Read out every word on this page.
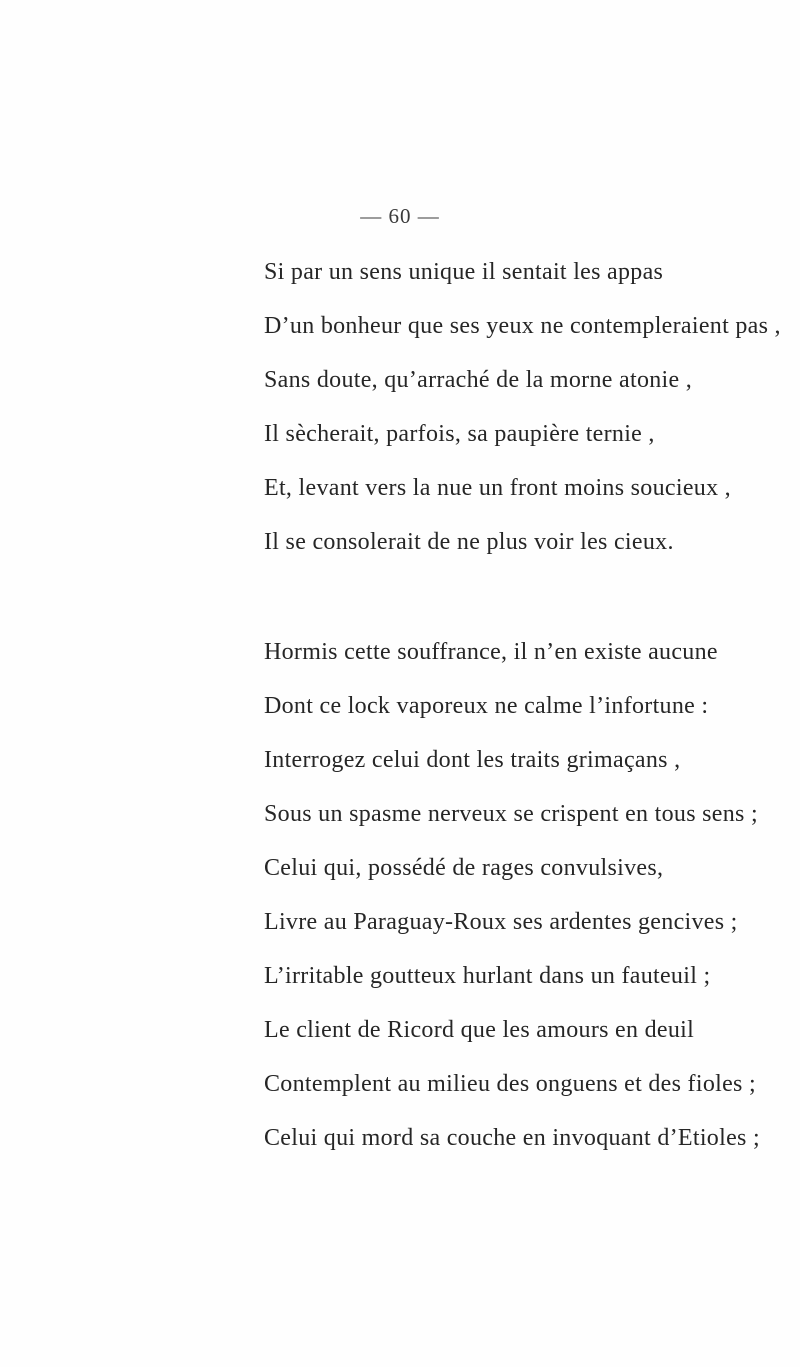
— 60 —
Si par un sens unique il sentait les appas
D’un bonheur que ses yeux ne contempleraient pas ,
Sans doute, qu’arraché de la morne atonie ,
Il sècherait, parfois, sa paupière ternie ,
Et, levant vers la nue un front moins soucieux ,
Il se consolerait de ne plus voir les cieux.
Hormis cette souffrance, il n’en existe aucune
Dont ce lock vaporeux ne calme l’infortune :
Interrogez celui dont les traits grimaçans ,
Sous un spasme nerveux se crispent en tous sens ;
Celui qui, possédé de rages convulsives,
Livre au Paraguay-Roux ses ardentes gencives ;
L’irritable goutteux hurlant dans un fauteuil ;
Le client de Ricord que les amours en deuil
Contemplent au milieu des onguens et des fioles ;
Celui qui mord sa couche en invoquant d’Etioles ;
